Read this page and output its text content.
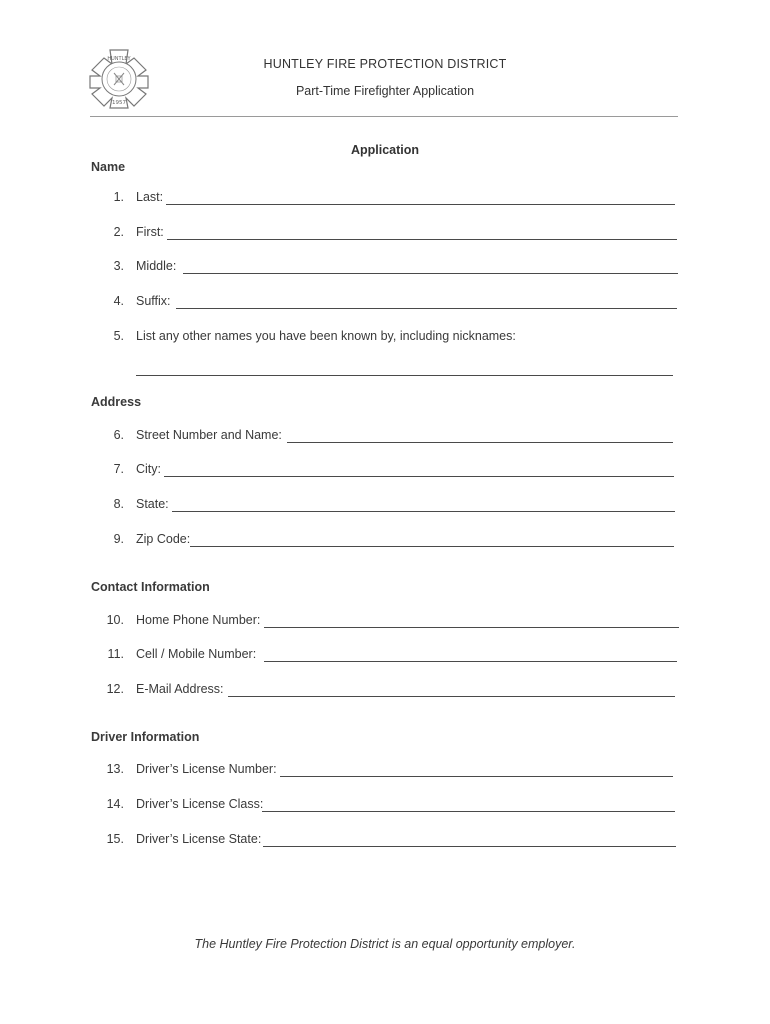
HUNTLEY
1957
HUNTLEY FIRE PROTECTION DISTRICT
Part-Time Firefighter Application
Application
Name
Address
Contact Information
Driver Information
1. Last:
2. First:
3. Middle:
4. Suffix:
5. List any other names you have been known by, including nicknames:
6. Street Number and Name:
7. City:
8. State:
9. Zip Code:
10. Home Phone Number:
11. Cell / Mobile Number:
12. E-Mail Address:
13. Driver’s License Number:
14. Driver’s License Class:
15. Driver’s License State:
The Huntley Fire Protection District is an equal opportunity employer.
